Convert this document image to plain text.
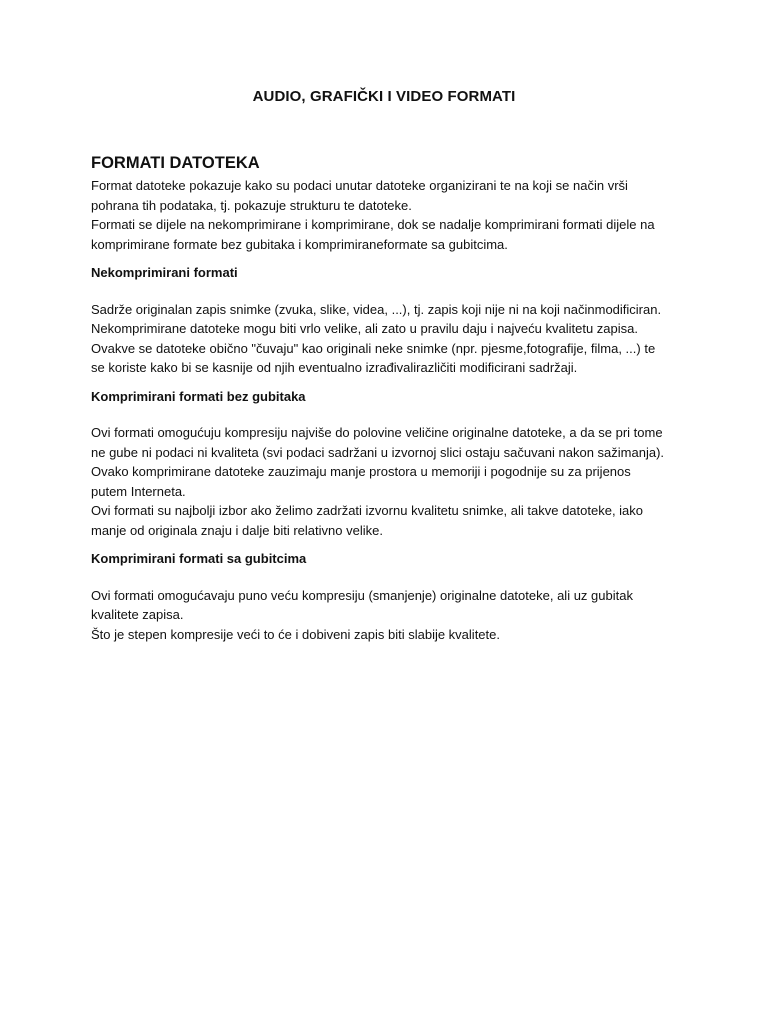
AUDIO, GRAFIČKI I VIDEO FORMATI
FORMATI DATOTEKA

Format datoteke pokazuje kako su podaci unutar datoteke organizirani te na koji se način vrši

pohrana tih podataka, tj. pokazuje strukturu te datoteke.

Formati se dijele na nekomprimirane i komprimirane, dok se nadalje komprimirani formati dijele na

komprimirane formate bez gubitaka i komprimiraneformate sa gubitcima.

Nekomprimirani formati

Sadrže originalan zapis snimke (zvuka, slike, videa, ...), tj. zapis koji nije ni na koji načinmodificiran.

Nekomprimirane datoteke mogu biti vrlo velike, ali zato u pravilu daju i najveću kvalitetu zapisa.

Ovakve se datoteke obično "čuvaju" kao originali neke snimke (npr. pjesme,fotografije, filma, ...) te

se koriste kako bi se kasnije od njih eventualno izrađivalirazličiti modificirani sadržaji.

Komprimirani formati bez gubitaka

Ovi formati omogućuju kompresiju najviše do polovine veličine originalne datoteke, a da se pri tome

ne gube ni podaci ni kvaliteta (svi podaci sadržani u izvornoj slici ostaju sačuvani nakon sažimanja).

Ovako komprimirane datoteke zauzimaju manje prostora u memoriji i pogodnije su za prijenos

putem Interneta.

Ovi formati su najbolji izbor ako želimo zadržati izvornu kvalitetu snimke, ali takve datoteke, iako

manje od originala znaju i dalje biti relativno velike.

Komprimirani formati sa gubitcima

Ovi formati omogućavaju puno veću kompresiju (smanjenje) originalne datoteke, ali uz gubitak

kvalitete zapisa.

Što je stepen kompresije veći to će i dobiveni zapis biti slabije kvalitete.
